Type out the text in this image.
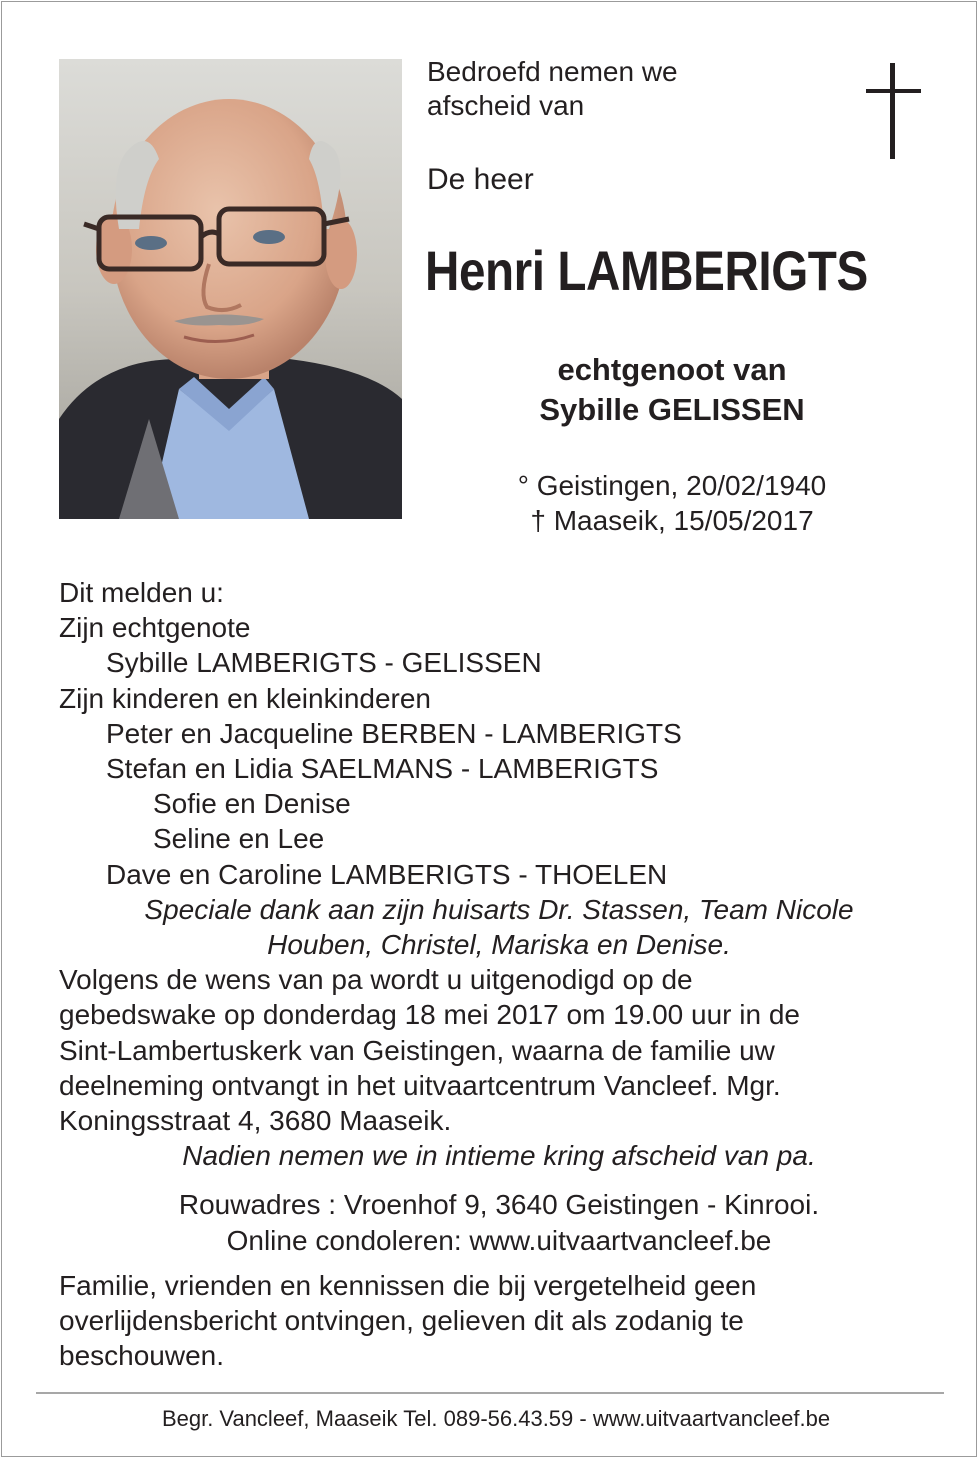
Bedroefd nemen we
afscheid van
De heer
Henri LAMBERIGTS
echtgenoot van
Sybille GELISSEN
° Geistingen, 20/02/1940
† Maaseik, 15/05/2017
Dit melden u:
Zijn echtgenote
Sybille LAMBERIGTS - GELISSEN
Zijn kinderen en kleinkinderen
Peter en Jacqueline BERBEN - LAMBERIGTS
Stefan en Lidia SAELMANS - LAMBERIGTS
Sofie en Denise
Seline en Lee
Dave en Caroline LAMBERIGTS - THOELEN
Speciale dank aan zijn huisarts Dr. Stassen, Team Nicole
Houben, Christel, Mariska en Denise.
Volgens de wens van pa wordt u uitgenodigd op de
gebedswake op donderdag 18 mei 2017 om 19.00 uur in de
Sint-Lambertuskerk van Geistingen, waarna de familie uw
deelneming ontvangt in het uitvaartcentrum Vancleef. Mgr.
Koningsstraat 4, 3680 Maaseik.
Nadien nemen we in intieme kring afscheid van pa.
Rouwadres : Vroenhof 9, 3640 Geistingen - Kinrooi.
Online condoleren: www.uitvaartvancleef.be
Familie, vrienden en kennissen die bij vergetelheid geen
overlijdensbericht ontvingen, gelieven dit als zodanig te
beschouwen.
Begr. Vancleef, Maaseik Tel. 089-56.43.59 - www.uitvaartvancleef.be
